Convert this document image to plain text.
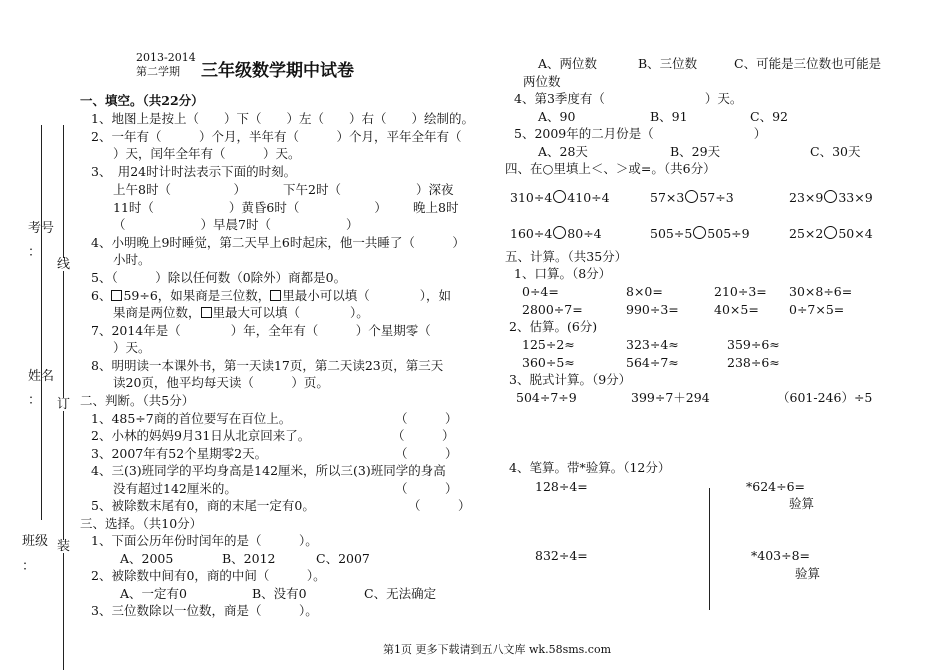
2013-2014
第二学期 三年级数学期中试卷
考号
：
姓名
：
班级
：
线
订
装
一、填空。（共22分）
1、地图上是按上（　　）下（　　）左（　　）右（　　）绘制的。
2、一年有（　　　）个月，半年有（　　　）个月，平年全年有（
）天，闰年全年有（　　　）天。
3、　用24时计时法表示下面的时刻。
上午8时（　　　　　）	下午2时（　　　　　　）深夜
11时（　　　　　　）黄昏6时（　　　　　　） 晚上8时
（　　　　　　）早晨7时（　　　　　　）
4、小明晚上9时睡觉，第二天早上6时起床，他一共睡了（　　　）
小时。
5、（　　　）除以任何数（0除外）商都是0。
6、 59÷6，如果商是三位数， 里最小可以填（　　　　），如
果商是两位数， 里最大可以填（　　　　）。
7、2014年是（　　　　）年，全年有（　　　）个星期零（
）天。
8、明明读一本课外书，第一天读17页，第二天读23页，第三天
读20页，他平均每天读（　　　）页。
二、判断。（共5分）
1、485÷7商的首位要写在百位上。	（　　　）
2、小林的妈妈9月31日从北京回来了。	（　　　）
3、2007年有52个星期零2天。	（　　　）
4、三(3)班同学的平均身高是142厘米，所以三(3)班同学的身高
没有超过142厘米的。	（　　　）
5、被除数末尾有0，商的末尾一定有0。	（　　　）
三、选择。（共10分）
1、下面公历年份时闰年的是（　　　）。
A、2005	B、2012	C、2007
2、被除数中间有0，商的中间（　　　）。
A、一定有0	B、没有0	C、无法确定
3、三位数除以一位数，商是（　　　）。
A、两位数	B、三位数	C、可能是三位数也可能是
两位数
4、第3季度有（　　　　　　　　）天。
A、90	B、91	C、92
5、2009年的二月份是（　　　　　　　　）
A、28天	B、29天	C、30天
四、在○里填上＜、＞或=。（共6分）
310÷4 410÷4	57×3 57÷3	23×9 33×9
160÷4 80÷4	505÷5 505÷9	25×2 50×4
五、计算。（共35分）
1、口算。（8分）
0÷4=	8×0=	210÷3= 30×8÷6=
2800÷7=	990÷3=	40×5= 0÷7×5=
2、估算。(6分)
125÷2≈	323÷4≈	359÷6≈
360÷5≈	564÷7≈	238÷6≈
3、脱式计算。（9分）
504÷7÷9	399÷7＋294	（601-246）÷5
4、笔算。带*验算。（12分）
128÷4=	*624÷6=
验算
832÷4=	*403÷8=
验算
第1页 更多下载请到五八文库 wk.58sms.com
